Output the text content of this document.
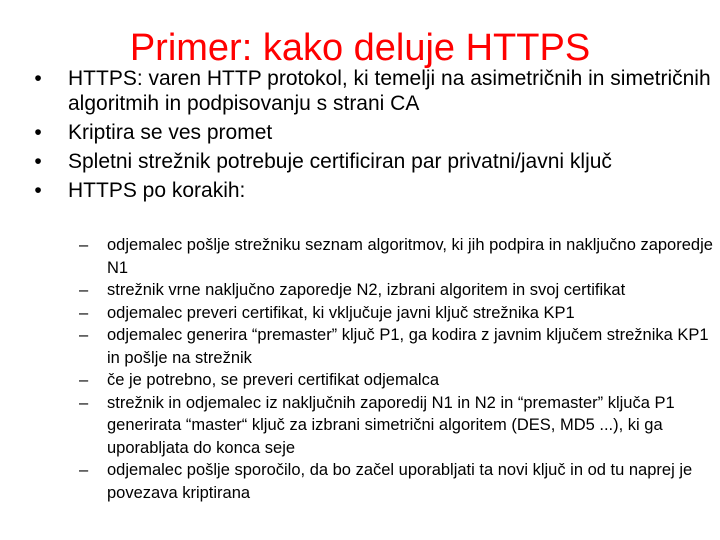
Primer: kako deluje HTTPS
•	HTTPS: varen HTTP protokol, ki temelji na asimetričnih in simetričnih algoritmih in podpisovanju s strani CA
•	Kriptira se ves promet
•	Spletni strežnik potrebuje certificiran par privatni/javni ključ
•	HTTPS po korakih:
– odjemalec pošlje strežniku seznam algoritmov, ki jih podpira in naključno zaporedje N1
– strežnik vrne naključno zaporedje N2, izbrani algoritem in svoj certifikat
– odjemalec preveri certifikat, ki vključuje javni ključ strežnika KP1
– odjemalec generira “premaster” ključ P1, ga kodira z javnim ključem strežnika KP1 in pošlje na strežnik
– če je potrebno, se preveri certifikat odjemalca
– strežnik in odjemalec iz naključnih zaporedij N1 in N2 in “premaster” ključa P1 generirata “master“ ključ za izbrani simetrični algoritem (DES, MD5 ...), ki ga uporabljata do konca seje
– odjemalec pošlje sporočilo, da bo začel uporabljati ta novi ključ in od tu naprej je povezava kriptirana
